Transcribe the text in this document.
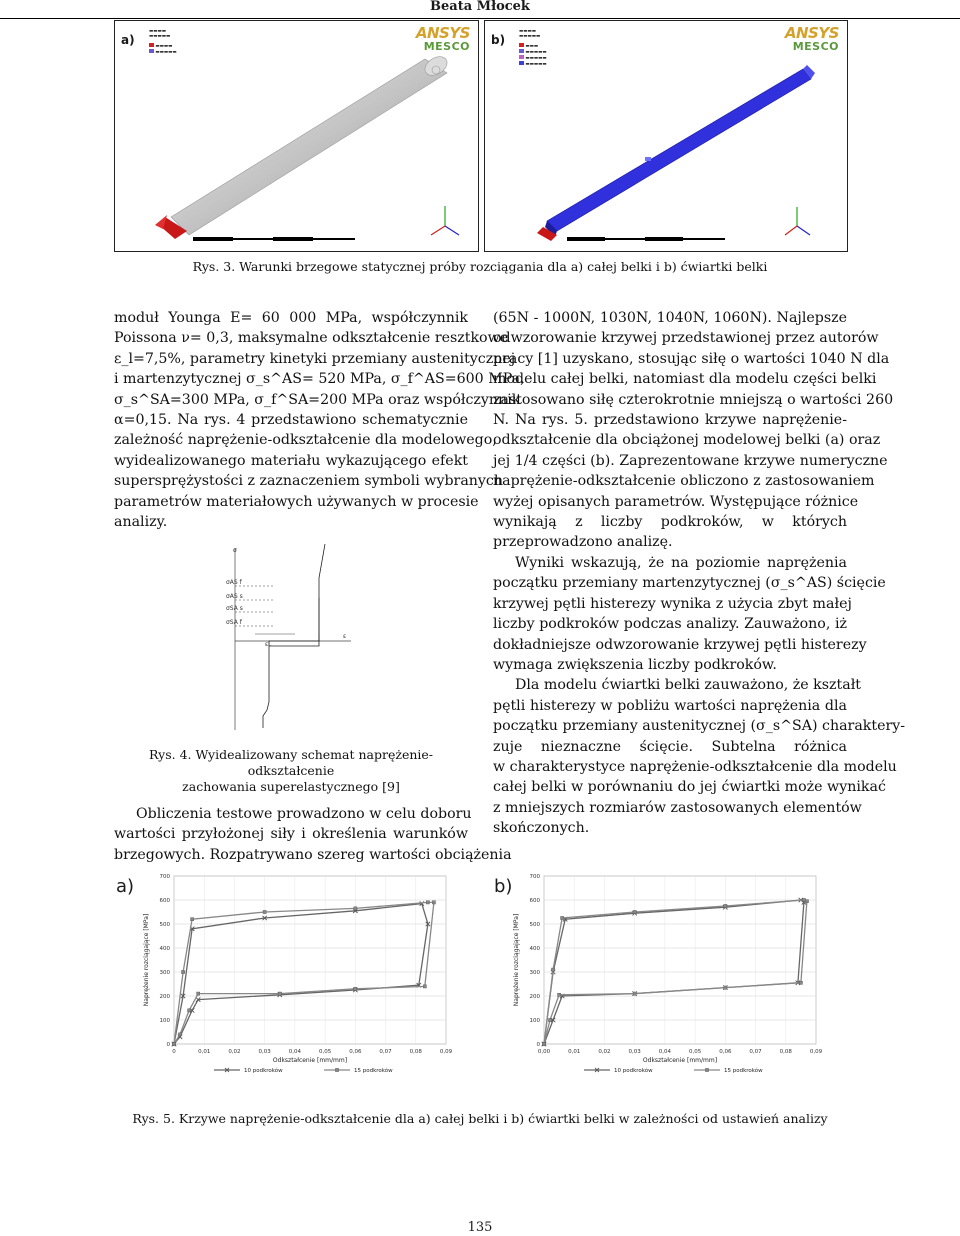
Beata Młocek
a)
▬▬▬▬
▬▬▬▬▬
▬▬▬▬
▬▬▬▬▬
ANSYS
MESCO b)
▬▬▬▬
▬▬▬▬▬
▬▬▬
▬▬▬▬▬
▬▬▬▬▬
▬▬▬▬▬
ANSYS
MESCO
Rys. 3. Warunki brzegowe statycznej próby rozciągania dla a) całej belki i b) ćwiartki belki
moduł Younga E= 60 000 MPa, współczynnik
Poissona ν= 0,3, maksymalne odkształcenie resztkowe
ε_l=7,5%, parametry kinetyki przemiany austenitycznej
i martenzytycznej σ_s^AS= 520 MPa, σ_f^AS=600 MPa,
σ_s^SA=300 MPa, σ_f^SA=200 MPa oraz współczynnik
α=0,15. Na rys. 4 przedstawiono schematycznie
zależność naprężenie-odkształcenie dla modelowego,
wyidealizowanego materiału wykazującego efekt
supersprężystości z zaznaczeniem symboli wybranych
parametrów materiałowych używanych w procesie
analizy.
σ
σAS f
σAS s
σSA s
σSA f
εL
ε
Rys. 4. Wyidealizowany schemat naprężenie-odkształcenie
zachowania superelastycznego [9]
Obliczenia testowe prowadzono w celu doboru
wartości przyłożonej siły i określenia warunków
brzegowych. Rozpatrywano szereg wartości obciążenia
(65N - 1000N, 1030N, 1040N, 1060N). Najlepsze
odwzorowanie krzywej przedstawionej przez autorów
pracy [1] uzyskano, stosując siłę o wartości 1040 N dla
modelu całej belki, natomiast dla modelu części belki
zastosowano siłę czterokrotnie mniejszą o wartości 260
N. Na rys. 5. przedstawiono krzywe naprężenie-
odkształcenie dla obciążonej modelowej belki (a) oraz
jej 1/4 części (b). Zaprezentowane krzywe numeryczne
naprężenie-odkształcenie obliczono z zastosowaniem
wyżej opisanych parametrów. Występujące różnice
wynikają z liczby podkroków, w których
przeprowadzono analizę.
Wyniki wskazują, że na poziomie naprężenia
początku przemiany martenzytycznej (σ_s^AS) ścięcie
krzywej pętli histerezy wynika z użycia zbyt małej
liczby podkroków podczas analizy. Zauważono, iż
dokładniejsze odwzorowanie krzywej pętli histerezy
wymaga zwiększenia liczby podkroków.
Dla modelu ćwiartki belki zauważono, że kształt
pętli histerezy w pobliżu wartości naprężenia dla
początku przemiany austenitycznej (σ_s^SA) charaktery-
zuje nieznaczne ścięcie. Subtelna różnica
w charakterystyce naprężenie-odkształcenie dla modelu
całej belki w porównaniu do jej ćwiartki może wynikać
z mniejszych rozmiarów zastosowanych elementów
skończonych.
a)	b)
0
100
200
300
400
500
600
700
0	0,01	0,02	0,03	0,04	0,05	0,06	0,07	0,08	0,09
Odkształcenie [mm/mm]
Naprężenie rozciągające [MPa]
10 podkroków	15 podkroków
0
100
200
300
400
500
600
700
0,00	0,01	0,02	0,03	0,04	0,05	0,06	0,07	0,08	0,09
Odkształcenie [mm/mm]
Naprężenie rozciągające [MPa]
10 podkroków	15 podkroków
Rys. 5. Krzywe naprężenie-odkształcenie dla a) całej belki i b) ćwiartki belki w zależności od ustawień analizy
135
